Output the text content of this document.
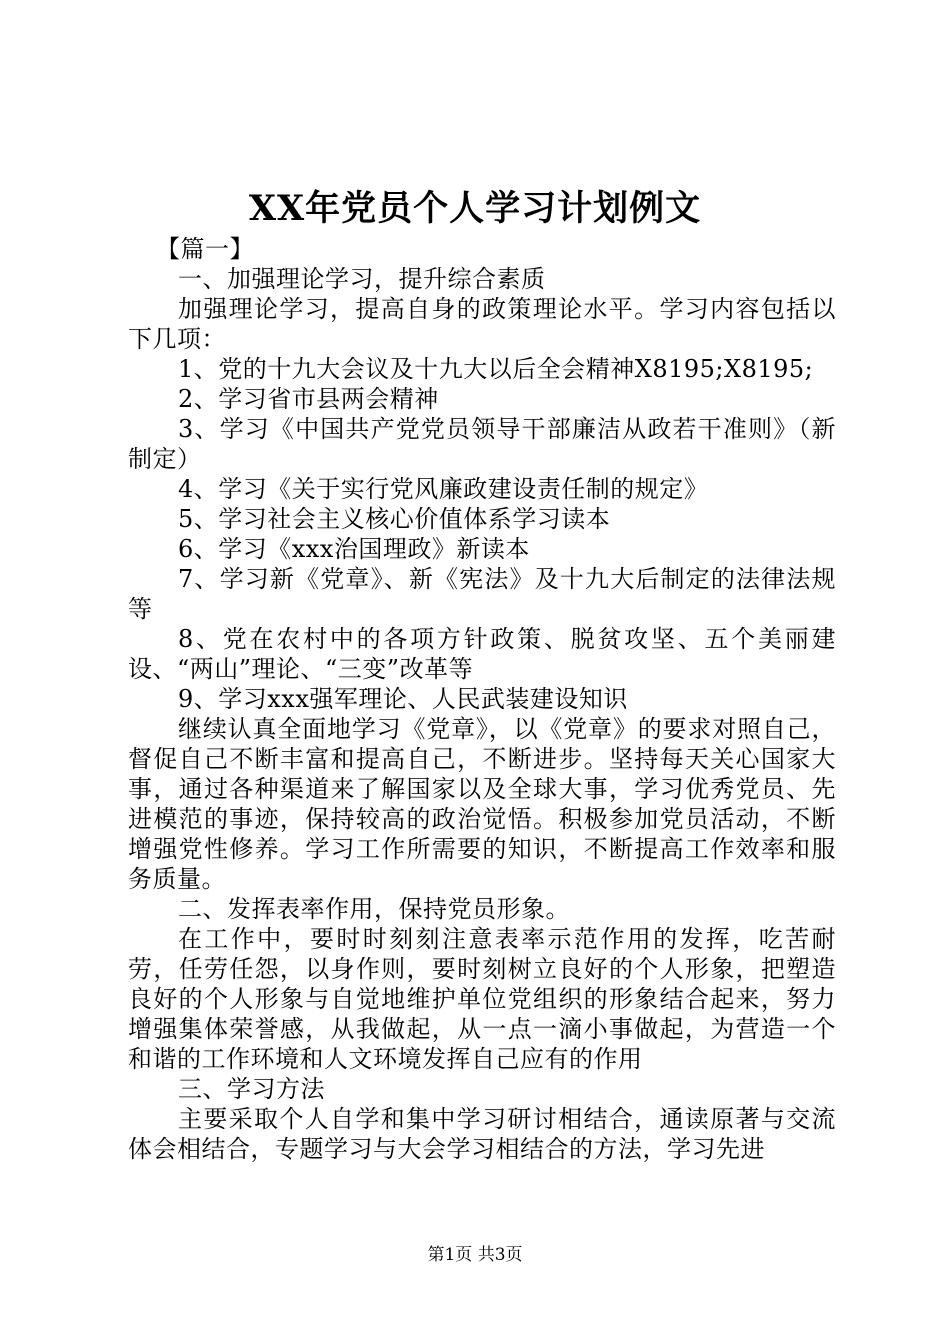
XX年党员个人学习计划例文

【篇一】

一、加强理论学习，提升综合素质

加强理论学习，提高自身的政策理论水平。学习内容包括以下几项：

1、党的十九大会议及十九大以后全会精神X8195;X8195;

2、学习省市县两会精神

3、学习《中国共产党党员领导干部廉洁从政若干准则》（新制定）

4、学习《关于实行党风廉政建设责任制的规定》

5、学习社会主义核心价值体系学习读本

6、学习《xxx治国理政》新读本

7、学习新《党章》、新《宪法》及十九大后制定的法律法规等

8、党在农村中的各项方针政策、脱贫攻坚、五个美丽建设、“两山”理论、“三变”改革等

9、学习xxx强军理论、人民武装建设知识

继续认真全面地学习《党章》，以《党章》的要求对照自己，督促自己不断丰富和提高自己，不断进步。坚持每天关心国家大事，通过各种渠道来了解国家以及全球大事，学习优秀党员、先进模范的事迹，保持较高的政治觉悟。积极参加党员活动，不断增强党性修养。学习工作所需要的知识，不断提高工作效率和服务质量。

二、发挥表率作用，保持党员形象。

在工作中，要时时刻刻注意表率示范作用的发挥，吃苦耐劳，任劳任怨，以身作则，要时刻树立良好的个人形象，把塑造良好的个人形象与自觉地维护单位党组织的形象结合起来，努力增强集体荣誉感，从我做起，从一点一滴小事做起，为营造一个和谐的工作环境和人文环境发挥自己应有的作用

三、学习方法

主要采取个人自学和集中学习研讨相结合，通读原著与交流体会相结合，专题学习与大会学习相结合的方法，学习先进

第1页 共3页
